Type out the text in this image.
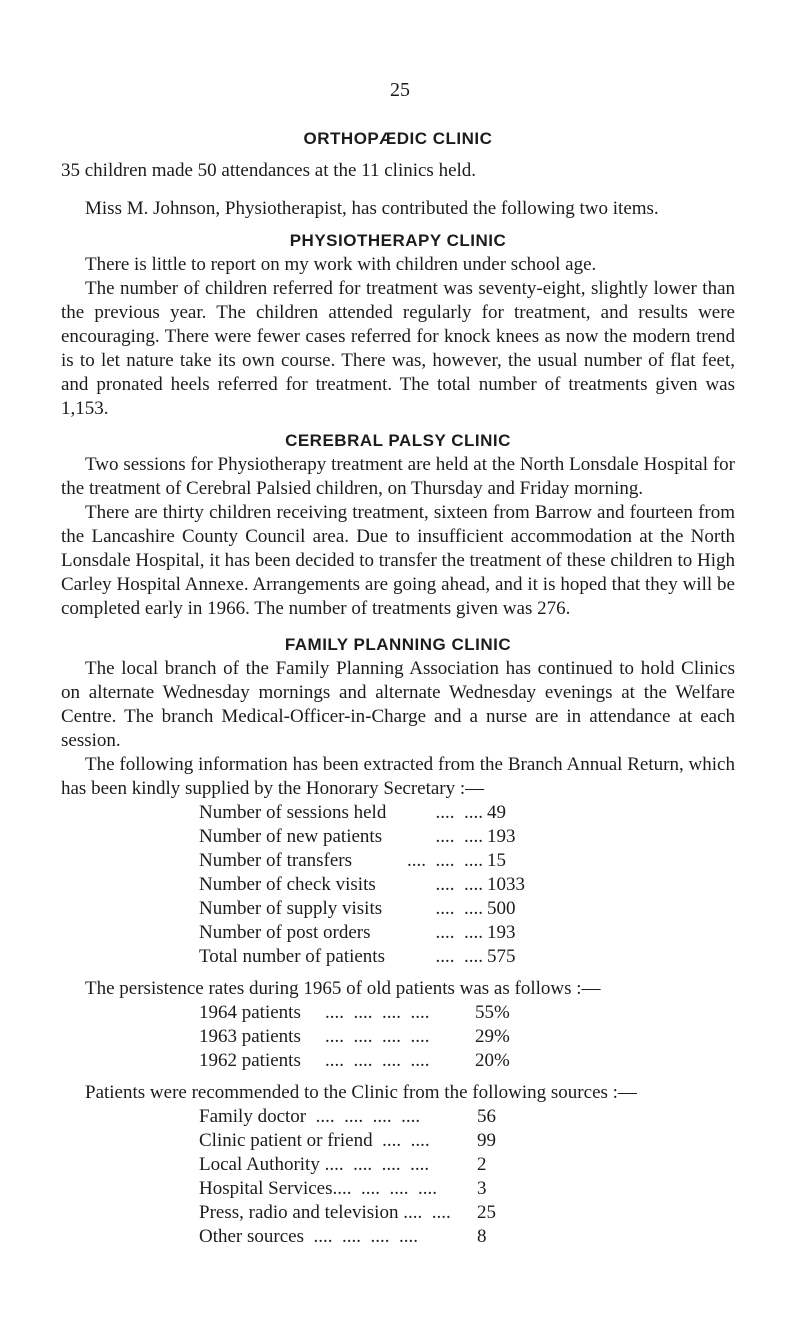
25
ORTHOPÆDIC CLINIC

35 children made 50 attendances at the 11 clinics held.

Miss M. Johnson, Physiotherapist, has contributed the following two items.

PHYSIOTHERAPY CLINIC

There is little to report on my work with children under school age.

The number of children referred for treatment was seventy-eight, slightly lower than the previous year. The children attended regularly for treatment, and results were encouraging. There were fewer cases referred for knock knees as now the modern trend is to let nature take its own course. There was, however, the usual number of flat feet, and pronated heels referred for treatment. The total number of treatments given was 1,153.

CEREBRAL PALSY CLINIC

Two sessions for Physiotherapy treatment are held at the North Lonsdale Hospital for the treatment of Cerebral Palsied children, on Thursday and Friday morning.

There are thirty children receiving treatment, sixteen from Barrow and fourteen from the Lancashire County Council area. Due to insufficient accommodation at the North Lonsdale Hospital, it has been decided to transfer the treatment of these children to High Carley Hospital Annexe. Arrangements are going ahead, and it is hoped that they will be completed early in 1966. The number of treatments given was 276.

FAMILY PLANNING CLINIC

The local branch of the Family Planning Association has continued to hold Clinics on alternate Wednesday mornings and alternate Wednesday evenings at the Welfare Centre. The branch Medical-Officer-in-Charge and a nurse are in attendance at each session.

The following information has been extracted from the Branch Annual Return, which has been kindly supplied by the Honorary Secretary :—

Number of sessions held	....  .... 49
Number of new patients	....  .... 193
Number of transfers	....  ....  .... 15
Number of check visits	....  .... 1033
Number of supply visits	....  .... 500
Number of post orders	....  .... 193
Total number of patients	....  .... 575

The persistence rates during 1965 of old patients was as follows :—

1964 patients	....  ....  ....  ....	55%
1963 patients	....  ....  ....  ....	29%
1962 patients	....  ....  ....  ....	20%

Patients were recommended to the Clinic from the following sources :—

Family doctor  ....  ....  ....  ....	56
Clinic patient or friend  ....  ....	99
Local Authority ....  ....  ....  ....	2
Hospital Services....  ....  ....  ....	3
Press, radio and television ....  ....	25
Other sources  ....  ....  ....  ....	8
